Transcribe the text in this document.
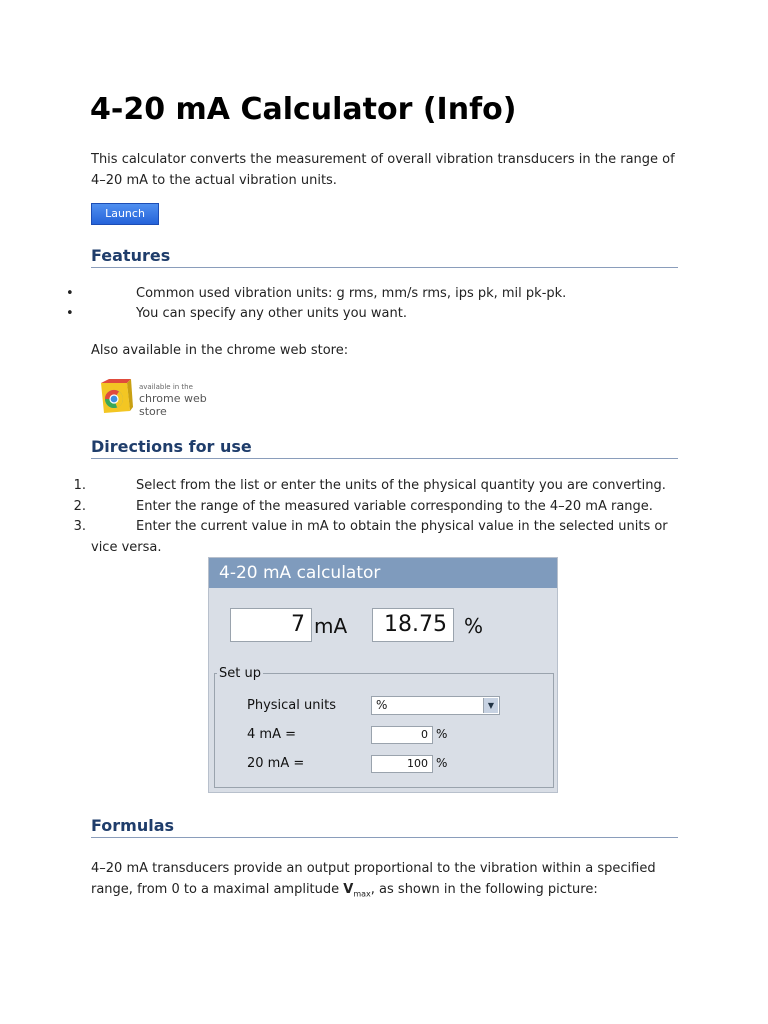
4-20 mA Calculator (Info)

This calculator converts the measurement of overall vibration transducers in the range of 4–20 mA to the actual vibration units.

Launch
Features
•	Common used vibration units: g rms, mm/s rms, ips pk, mil pk-pk.
•	You can specify any other units you want.

Also available in the chrome web store:

available in the
chrome web store
Directions for use
1.	Select from the list or enter the units of the physical quantity you are converting.
2.	Enter the range of the measured variable corresponding to the 4–20 mA range.
3.	Enter the current value in mA to obtain the physical value in the selected units or

vice versa.

4-20 mA calculator
7 mA	18.75 %
Set up
Physical units	%	▼
4 mA =	0 %
20 mA =	100 %
Formulas

4–20 mA transducers provide an output proportional to the vibration within a specified

range, from 0 to a maximal amplitude $V_{max}$, as shown in the following picture:
